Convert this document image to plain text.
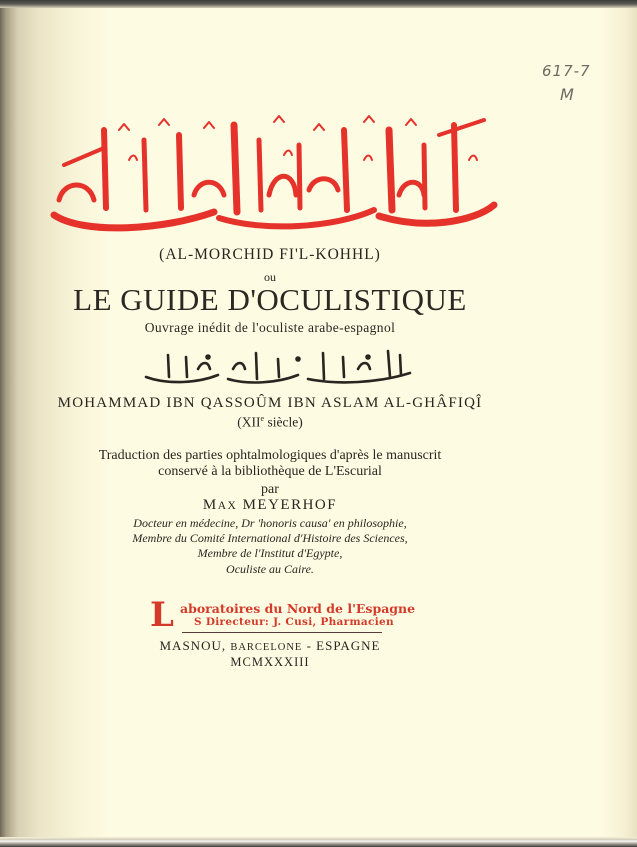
617-7
M
(AL-MORCHID FI'L-KOHHL)
ou
LE GUIDE D'OCULISTIQUE
Ouvrage inédit de l'oculiste arabe-espagnol
MOHAMMAD IBN QASSOÛM IBN ASLAM AL-GHÂFIQÎ
(XIIe siècle)
Traduction des parties ophtalmologiques d'après le manuscrit
conservé à la bibliothèque de L'Escurial
par
MAX MEYERHOF
Docteur en médecine, Dr 'honoris causa' en philosophie,
Membre du Comité International d'Histoire des Sciences,
Membre de l'Institut d'Egypte,
Oculiste au Caire.
L aboratoires du Nord de l'Espagne
S Directeur: J. Cusi, Pharmacien
MASNOU, BARCELONE - ESPAGNE
MCMXXXIII
